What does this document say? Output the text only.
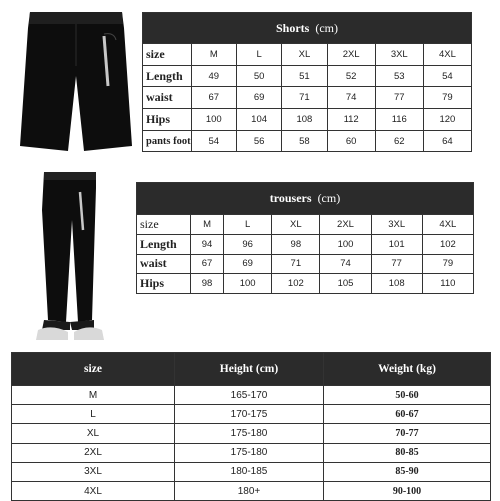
Shorts (cm)						
size	M	L	XL	2XL	3XL	4XL
Length	49	50	51	52	53	54
waist	67	69	71	74	77	79
Hips	100	104	108	112	116	120
pants foot	54	56	58	60	62	64
trousers (cm)						
size	M	L	XL	2XL	3XL	4XL
Length	94	96	98	100	101	102
waist	67	69	71	74	77	79
Hips	98	100	102	105	108	110
size	Height (cm)	Weight (kg)
M	165-170	50-60
L	170-175	60-67
XL	175-180	70-77
2XL	175-180	80-85
3XL	180-185	85-90
4XL	180+	90-100
